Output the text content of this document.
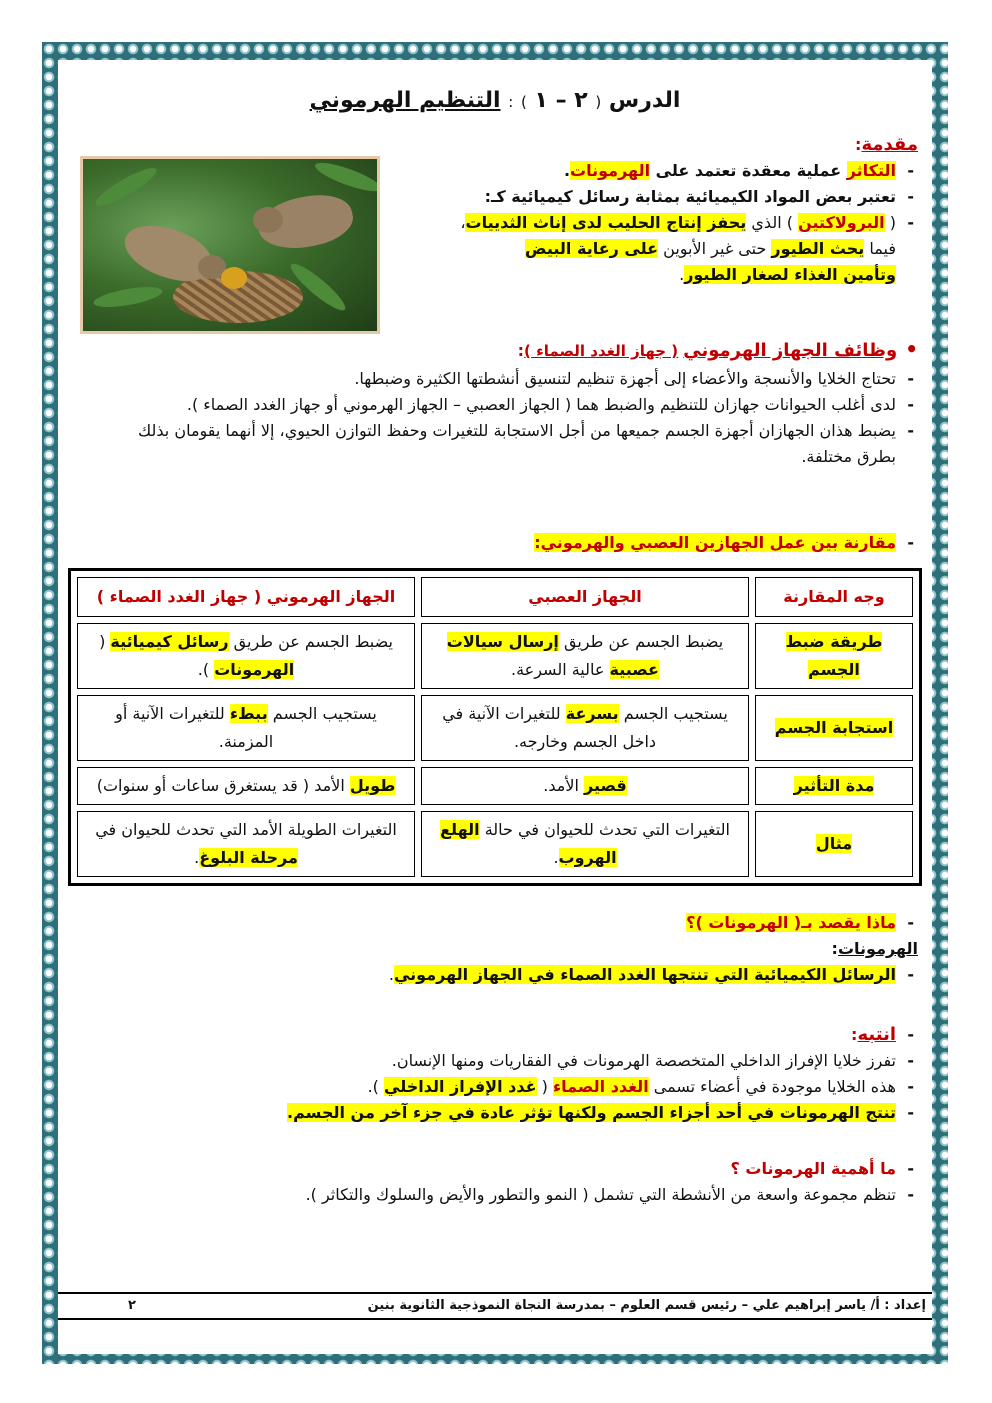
الدرس ( ٢ – ١ ) : التنظيم الهرموني
مقدمة:
- التكاثر عملية معقدة تعتمد على الهرمونات.
- تعتبر بعض المواد الكيميائية بمثابة رسائل كيميائية كـ:
- ( البرولاكتين ) الذي يحفز إنتاج الحليب لدى إناث الثدييات،
فيما يحث الطيور حتى غير الأبوين على رعاية البيض
وتأمين الغذاء لصغار الطيور.
•وظائف الجهاز الهرموني ( جهاز الغدد الصماء ):
- تحتاج الخلايا والأنسجة والأعضاء إلى أجهزة تنظيم لتنسيق أنشطتها الكثيرة وضبطها.
- لدى أغلب الحيوانات جهازان للتنظيم والضبط هما ( الجهاز العصبي – الجهاز الهرموني أو جهاز الغدد الصماء ).
- يضبط هذان الجهازان أجهزة الجسم جميعها من أجل الاستجابة للتغيرات وحفظ التوازن الحيوي، إلا أنهما يقومان بذلك بطرق مختلفة.
- مقارنة بين عمل الجهازين العصبي والهرموني:
وجه المقارنة	الجهاز العصبي	الجهاز الهرموني ( جهاز الغدد الصماء )
طريقة ضبط الجسم	يضبط الجسم عن طريق إرسال سيالات عصبية عالية السرعة.	يضبط الجسم عن طريق رسائل كيميائية ( الهرمونات ).
استجابة الجسم	يستجيب الجسم بسرعة للتغيرات الآنية في داخل الجسم وخارجه.	يستجيب الجسم ببطء للتغيرات الآنية أو المزمنة.
مدة التأثير	قصير الأمد.	طويل الأمد ( قد يستغرق ساعات أو سنوات)
مثال	التغيرات التي تحدث للحيوان في حالة الهلع الهروب.	التغيرات الطويلة الأمد التي تحدث للحيوان في مرحلة البلوغ.
- ماذا يقصد بـ( الهرمونات )؟
الهرمونات:
- الرسائل الكيميائية التي تنتجها الغدد الصماء في الجهاز الهرموني.
- انتبه:
- تفرز خلايا الإفراز الداخلي المتخصصة الهرمونات في الفقاريات ومنها الإنسان.
- هذه الخلايا موجودة في أعضاء تسمى الغدد الصماء ( غدد الإفراز الداخلي ).
- تنتج الهرمونات في أحد أجزاء الجسم ولكنها تؤثر عادة في جزء آخر من الجسم.
- ما أهمية الهرمونات ؟
- تنظم مجموعة واسعة من الأنشطة التي تشمل ( النمو والتطور والأيض والسلوك والتكاثر ).
إعداد : أ/ ياسر إبراهيم علي – رئيس قسم العلوم – بمدرسة النجاة النموذجية الثانوية بنين
٢
